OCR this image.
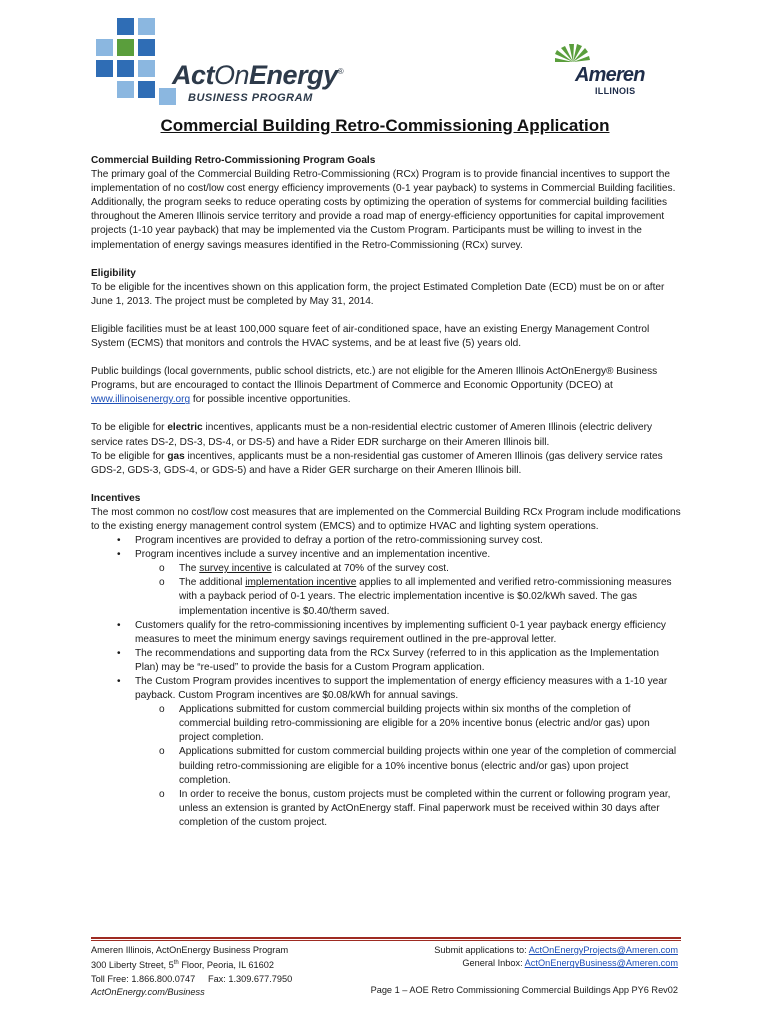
ActOnEnergy®
BUSINESS PROGRAM
Ameren
ILLINOIS
Commercial Building Retro-Commissioning Application

Commercial Building Retro-Commissioning Program Goals

The primary goal of the Commercial Building Retro-Commissioning (RCx) Program is to provide financial incentives to support the implementation of no cost/low cost energy efficiency improvements (0-1 year payback) to systems in Commercial Building facilities. Additionally, the program seeks to reduce operating costs by optimizing the operation of systems for commercial building facilities throughout the Ameren Illinois service territory and provide a road map of energy-efficiency opportunities for capital improvement projects (1-10 year payback) that may be implemented via the Custom Program. Participants must be willing to invest in the implementation of energy savings measures identified in the Retro-Commissioning (RCx) survey.

Eligibility

To be eligible for the incentives shown on this application form, the project Estimated Completion Date (ECD) must be on or after June 1, 2013. The project must be completed by May 31, 2014.

Eligible facilities must be at least 100,000 square feet of air-conditioned space, have an existing Energy Management Control System (ECMS) that monitors and controls the HVAC systems, and be at least five (5) years old.

Public buildings (local governments, public school districts, etc.) are not eligible for the Ameren Illinois ActOnEnergy® Business Programs, but are encouraged to contact the Illinois Department of Commerce and Economic Opportunity (DCEO) at www.illinoisenergy.org for possible incentive opportunities.

To be eligible for electric incentives, applicants must be a non-residential electric customer of Ameren Illinois (electric delivery service rates DS-2, DS-3, DS-4, or DS-5) and have a Rider EDR surcharge on their Ameren Illinois bill.

To be eligible for gas incentives, applicants must be a non-residential gas customer of Ameren Illinois (gas delivery service rates GDS-2, GDS-3, GDS-4, or GDS-5) and have a Rider GER surcharge on their Ameren Illinois bill.

Incentives

The most common no cost/low cost measures that are implemented on the Commercial Building RCx Program include modifications to the existing energy management control system (EMCS) and to optimize HVAC and lighting system operations.

• Program incentives are provided to defray a portion of the retro-commissioning survey cost.
• Program incentives include a survey incentive and an implementation incentive.
o The survey incentive is calculated at 70% of the survey cost.
o The additional implementation incentive applies to all implemented and verified retro-commissioning measures with a payback period of 0-1 years. The electric implementation incentive is $0.02/kWh saved. The gas implementation incentive is $0.40/therm saved.
• Customers qualify for the retro-commissioning incentives by implementing sufficient 0-1 year payback energy efficiency measures to meet the minimum energy savings requirement outlined in the pre-approval letter.
• The recommendations and supporting data from the RCx Survey (referred to in this application as the Implementation Plan) may be “re-used” to provide the basis for a Custom Program application.
• The Custom Program provides incentives to support the implementation of energy efficiency measures with a 1-10 year payback. Custom Program incentives are $0.08/kWh for annual savings.
o Applications submitted for custom commercial building projects within six months of the completion of commercial building retro-commissioning are eligible for a 20% incentive bonus (electric and/or gas) upon project completion.
o Applications submitted for custom commercial building projects within one year of the completion of commercial building retro-commissioning are eligible for a 10% incentive bonus (electric and/or gas) upon project completion.
o In order to receive the bonus, custom projects must be completed within the current or following program year, unless an extension is granted by ActOnEnergy staff. Final paperwork must be received within 30 days after completion of the custom project.
Ameren Illinois, ActOnEnergy Business Program
300 Liberty Street, 5th Floor, Peoria, IL 61602
Toll Free: 1.866.800.0747     Fax: 1.309.677.7950
ActOnEnergy.com/Business
Submit applications to: ActOnEnergyProjects@Ameren.com
General Inbox: ActOnEnergyBusiness@Ameren.com

Page 1 – AOE Retro Commissioning Commercial Buildings App PY6 Rev02
